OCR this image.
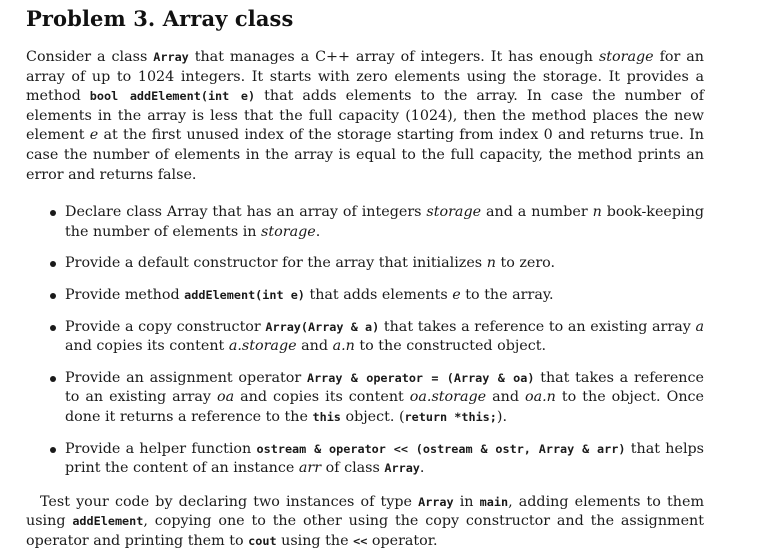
Problem 3. Array class

Consider a class Array that manages a C++ array of integers. It has enough storage for an array of up to 1024 integers. It starts with zero elements using the storage. It provides a method bool addElement(int e) that adds elements to the array. In case the number of elements in the array is less that the full capacity (1024), then the method places the new element e at the first unused index of the storage starting from index 0 and returns true. In case the number of elements in the array is equal to the full capacity, the method prints an error and returns false.

Declare class Array that has an array of integers storage and a number n book-keeping the number of elements in storage.
Provide a default constructor for the array that initializes n to zero.
Provide method addElement(int e) that adds elements e to the array.
Provide a copy constructor Array(Array & a) that takes a reference to an existing array a and copies its content a.storage and a.n to the constructed object.
Provide an assignment operator Array & operator = (Array & oa) that takes a reference to an existing array oa and copies its content oa.storage and oa.n to the object. Once done it returns a reference to the this object. (return *this;).
Provide a helper function ostream & operator << (ostream & ostr, Array & arr) that helps print the content of an instance arr of class Array.

Test your code by declaring two instances of type Array in main, adding elements to them using addElement, copying one to the other using the copy constructor and the assignment operator and printing them to cout using the << operator.
